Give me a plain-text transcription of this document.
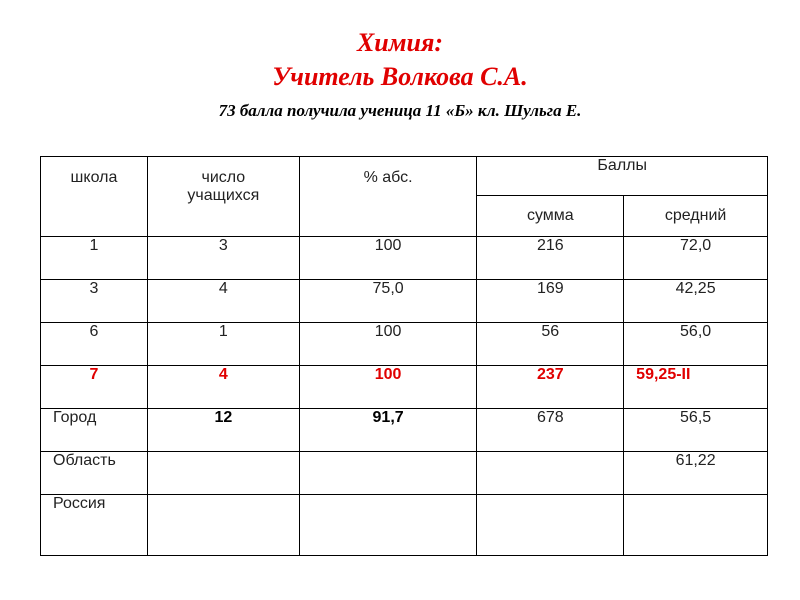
Химия:
Учитель Волкова С.А.
73 балла получила ученица 11 «Б» кл. Шульга Е.
школа	число учащихся	% абс.	Баллы	
			сумма	средний
1	3	100	216	72,0
3	4	75,0	169	42,25
6	1	100	56	56,0
7	4	100	237	59,25-II
Город	12	91,7	678	56,5
Область				61,22
Россия				
